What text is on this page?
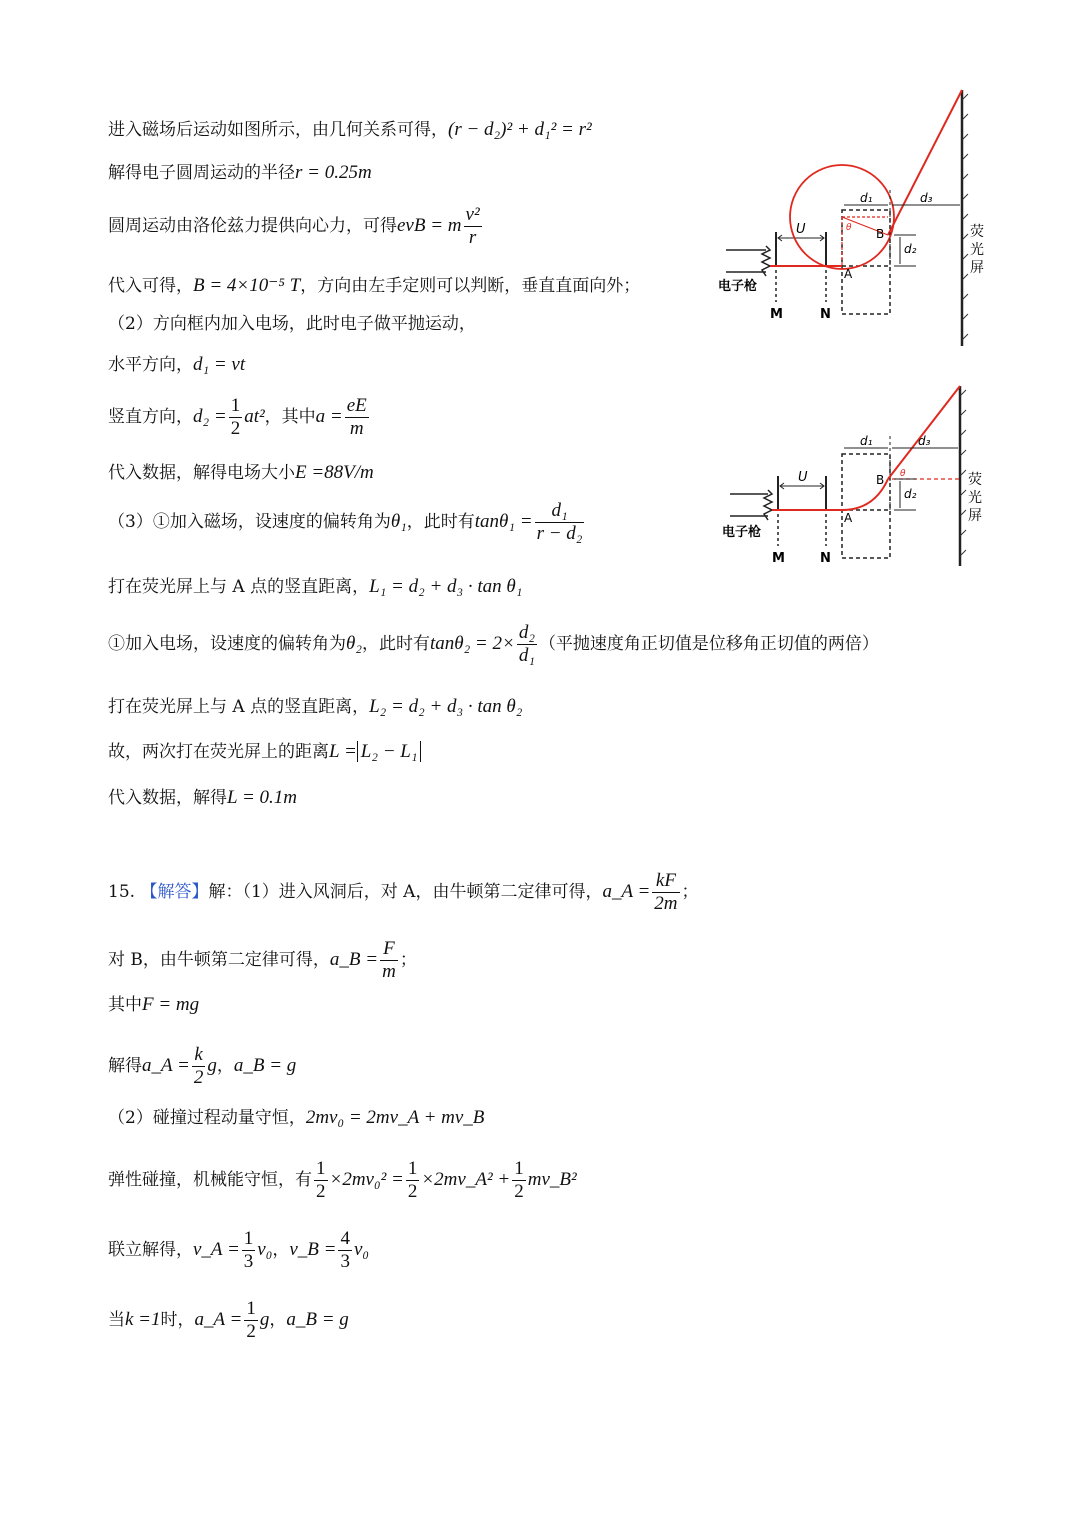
进入磁场后运动如图所示，由几何关系可得，(r − d₂)² + d₁² = r²
解得电子圆周运动的半径r = 0.25m
圆周运动由洛伦兹力提供向心力，可得evB = m $\frac{\text{v²}}{r}$
代入可得，B = 4×10⁻⁵ T，方向由左手定则可以判断，垂直直面向外；
（2）方向框内加入电场，此时电子做平抛运动，
水平方向，d₁ = vt
竖直方向，$d_2 = \frac{1}{2} at^2$，其中$a = \frac{eE}{m}$
代入数据，解得电场大小E =88V/m
（3）①加入磁场，设速度的偏转角为θ₁，此时有$\tan\theta_1 = \frac{\text{d₁}}{\text{r − d₂}}$
打在荧光屏上与 A 点的竖直距离，L₁ = d₂ + d₃ · tan θ₁
①加入电场，设速度的偏转角为θ₂，此时有$\tan\theta_2 = 2\times \frac{\text{d₂}}{\text{d₁}}$ （平抛速度角正切值是位移角正切值的两倍）
打在荧光屏上与 A 点的竖直距离，L₂ = d₂ + d₃ · tan θ₂
故，两次打在荧光屏上的距离L = L₂ − L₁
代入数据，解得L = 0.1m
15. 【解答】解：（1）进入风洞后，对 A，由牛顿第二定律可得，a_A = $\frac{kF}{2m}$ ；
对 B，由牛顿第二定律可得，a_B = $\frac{F}{m}$ ；
其中F = mg
解得a_A = $\frac{k}{2}$ g，a_B = g
（2）碰撞过程动量守恒，2mv₀ = 2mv_A + mv_B
弹性碰撞，机械能守恒，有 $\frac{1}{2} \times 2mv_0^2 = \frac{1}{2}$ ×2mv_A² + $\frac{1}{2}$ mv_B²
联立解得，v_A = $\frac{1}{3} v_0$，v_B = $\frac{4}{3} v_0$
当k =1时，a_A = $\frac{1}{2}$ g，a_B = g
荧
光
屏
电子枪
M	N
U	θ
d₁	d₃
d₂
B
A
荧
光
屏
电子枪
M	N
U	θ
d₁	d₃
d₂
B
A
